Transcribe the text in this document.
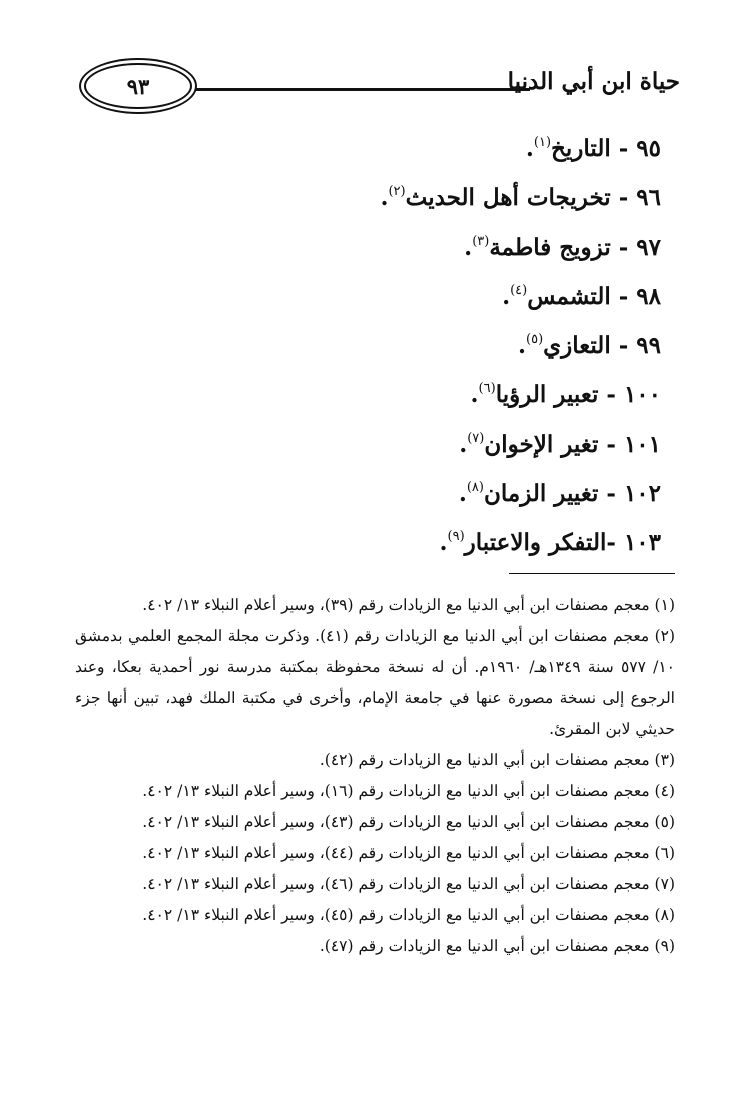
حياة ابن أبي الدنيا
٩٣
٩٥ - التاريخ$^{(١)}$.
٩٦ - تخريجات أهل الحديث$^{(٢)}$.
٩٧ - تزويج فاطمة$^{(٣)}$.
٩٨ - التشمس$^{(٤)}$.
٩٩ - التعازي$^{(٥)}$.
١٠٠ - تعبير الرؤيا$^{(٦)}$.
١٠١ - تغير الإخوان$^{(٧)}$.
١٠٢ - تغيير الزمان$^{(٨)}$.
١٠٣ -التفكر والاعتبار$^{(٩)}$.
(١) معجم مصنفات ابن أبي الدنيا مع الزيادات رقم (٣٩)، وسير أعلام النبلاء ١٣/ ٤٠٢.
(٢) معجم مصنفات ابن أبي الدنيا مع الزيادات رقم (٤١). وذكرت مجلة المجمع العلمي بدمشق
١٠/ ٥٧٧ سنة ١٣٤٩هـ/ ١٩٦٠م. أن له نسخة محفوظة بمكتبة مدرسة نور أحمدية بعكا، وعند
الرجوع إلى نسخة مصورة عنها في جامعة الإمام، وأخرى في مكتبة الملك فهد، تبين أنها جزء
حديثي لابن المقرئ.
(٣) معجم مصنفات ابن أبي الدنيا مع الزيادات رقم (٤٢).
(٤) معجم مصنفات ابن أبي الدنيا مع الزيادات رقم (١٦)، وسير أعلام النبلاء ١٣/ ٤٠٢.
(٥) معجم مصنفات ابن أبي الدنيا مع الزيادات رقم (٤٣)، وسير أعلام النبلاء ١٣/ ٤٠٢.
(٦) معجم مصنفات ابن أبي الدنيا مع الزيادات رقم (٤٤)، وسير أعلام النبلاء ١٣/ ٤٠٢.
(٧) معجم مصنفات ابن أبي الدنيا مع الزيادات رقم (٤٦)، وسير أعلام النبلاء ١٣/ ٤٠٢.
(٨) معجم مصنفات ابن أبي الدنيا مع الزيادات رقم (٤٥)، وسير أعلام النبلاء ١٣/ ٤٠٢.
(٩) معجم مصنفات ابن أبي الدنيا مع الزيادات رقم (٤٧).
